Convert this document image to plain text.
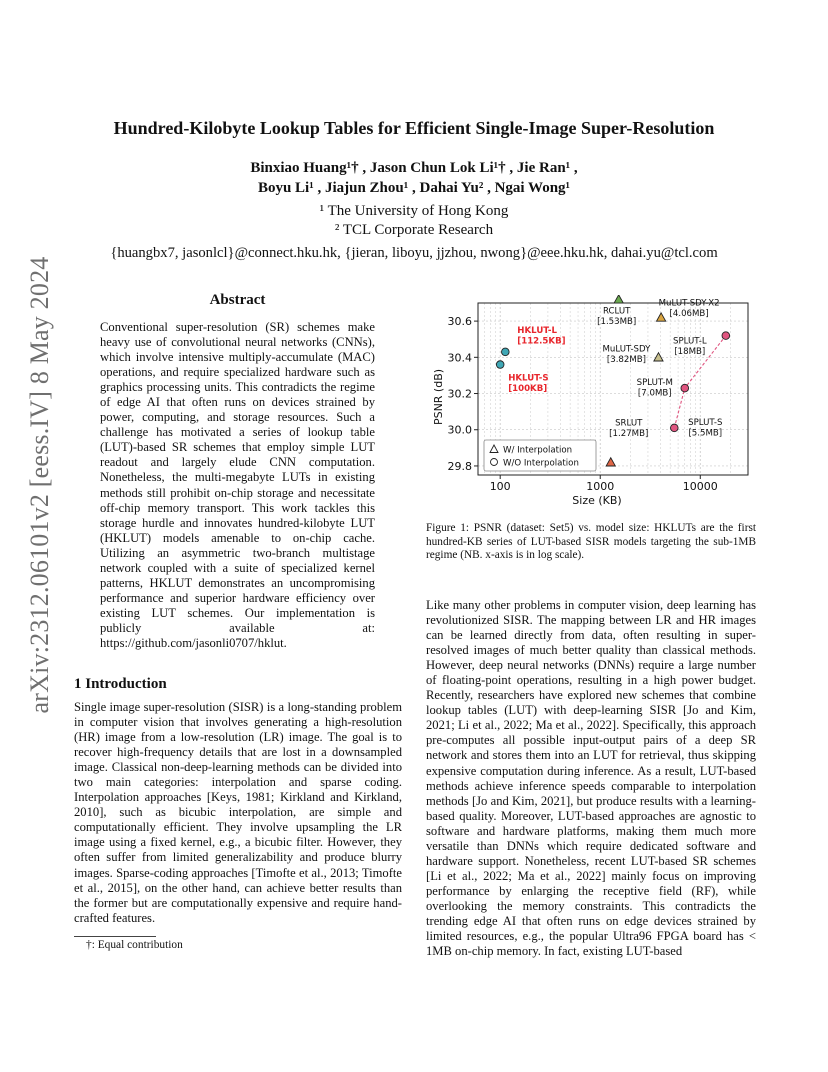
arXiv:2312.06101v2 [eess.IV] 8 May 2024
Hundred-Kilobyte Lookup Tables for Efficient Single-Image Super-Resolution
Binxiao Huang¹† , Jason Chun Lok Li¹† , Jie Ran¹ ,
Boyu Li¹ , Jiajun Zhou¹ , Dahai Yu² , Ngai Wong¹
¹ The University of Hong Kong
² TCL Corporate Research
{huangbx7, jasonlcl}@connect.hku.hk, {jieran, liboyu, jjzhou, nwong}@eee.hku.hk, dahai.yu@tcl.com
Abstract
Conventional super-resolution (SR) schemes make heavy use of convolutional neural networks (CNNs), which involve intensive multiply-accumulate (MAC) operations, and require specialized hardware such as graphics processing units. This contradicts the regime of edge AI that often runs on devices strained by power, computing, and storage resources. Such a challenge has motivated a series of lookup table (LUT)-based SR schemes that employ simple LUT readout and largely elude CNN computation. Nonetheless, the multi-megabyte LUTs in existing methods still prohibit on-chip storage and necessitate off-chip memory transport. This work tackles this storage hurdle and innovates hundred-kilobyte LUT (HKLUT) models amenable to on-chip cache. Utilizing an asymmetric two-branch multistage network coupled with a suite of specialized kernel patterns, HKLUT demonstrates an uncompromising performance and superior hardware efficiency over existing LUT schemes. Our implementation is publicly available at: https://github.com/jasonli0707/hklut.
1 Introduction
Single image super-resolution (SISR) is a long-standing problem in computer vision that involves generating a high-resolution (HR) image from a low-resolution (LR) image. The goal is to recover high-frequency details that are lost in a downsampled image. Classical non-deep-learning methods can be divided into two main categories: interpolation and sparse coding. Interpolation approaches [Keys, 1981; Kirkland and Kirkland, 2010], such as bicubic interpolation, are simple and computationally efficient. They involve upsampling the LR image using a fixed kernel, e.g., a bicubic filter. However, they often suffer from limited generalizability and produce blurry images. Sparse-coding approaches [Timofte et al., 2013; Timofte et al., 2015], on the other hand, can achieve better results than the former but are computationally expensive and require hand-crafted features.
†: Equal contribution
29.8
30.0
30.2
30.4
30.6
100	1000	10000
Size (KB)
PSNR (dB)
HKLUT-L
[112.5KB]
HKLUT-S
[100KB]
RCLUT
[1.53MB]
MuLUT-SDY-X2
[4.06MB]
MuLUT-SDY
[3.82MB]
SPLUT-L
[18MB]
SPLUT-M
[7.0MB]
SPLUT-S
[5.5MB]
SRLUT
[1.27MB]
W/ Interpolation
W/O Interpolation
Figure 1: PSNR (dataset: Set5) vs. model size: HKLUTs are the first hundred-KB series of LUT-based SISR models targeting the sub-1MB regime (NB. x-axis is in log scale).
Like many other problems in computer vision, deep learning has revolutionized SISR. The mapping between LR and HR images can be learned directly from data, often resulting in super-resolved images of much better quality than classical methods. However, deep neural networks (DNNs) require a large number of floating-point operations, resulting in a high power budget. Recently, researchers have explored new schemes that combine lookup tables (LUT) with deep-learning SISR [Jo and Kim, 2021; Li et al., 2022; Ma et al., 2022]. Specifically, this approach pre-computes all possible input-output pairs of a deep SR network and stores them into an LUT for retrieval, thus skipping expensive computation during inference. As a result, LUT-based methods achieve inference speeds comparable to interpolation methods [Jo and Kim, 2021], but produce results with a learning-based quality. Moreover, LUT-based approaches are agnostic to software and hardware platforms, making them much more versatile than DNNs which require dedicated software and hardware support. Nonetheless, recent LUT-based SR schemes [Li et al., 2022; Ma et al., 2022] mainly focus on improving performance by enlarging the receptive field (RF), while overlooking the memory constraints. This contradicts the trending edge AI that often runs on edge devices strained by limited resources, e.g., the popular Ultra96 FPGA board has < 1MB on-chip memory. In fact, existing LUT-based
